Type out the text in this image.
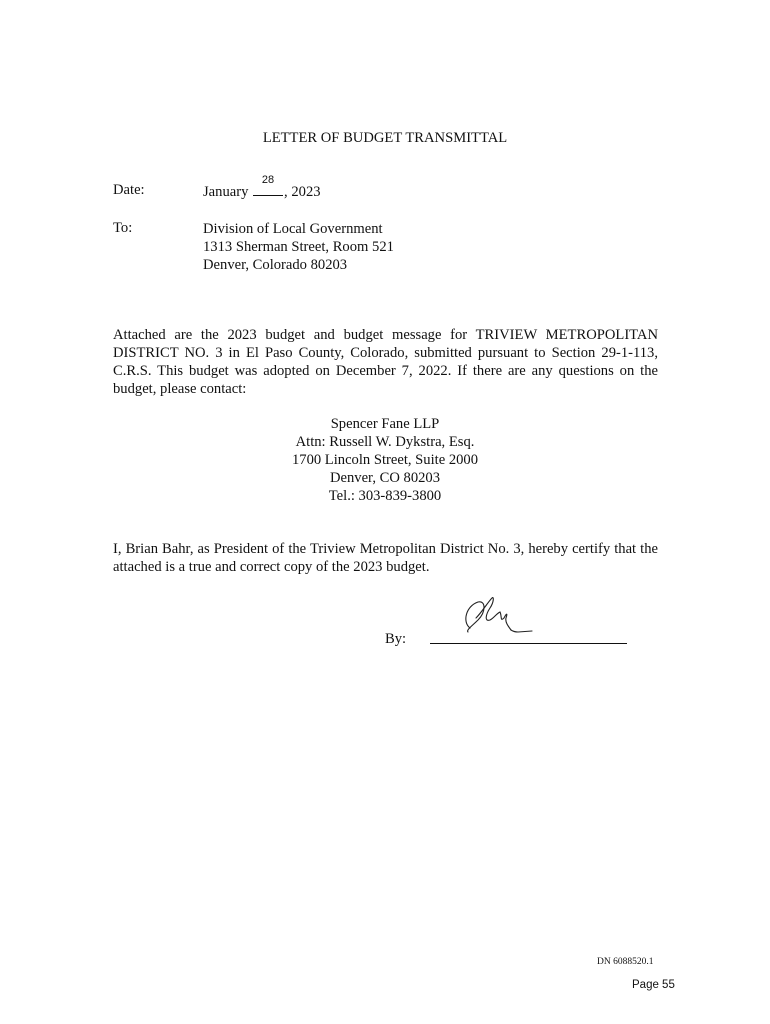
LETTER OF BUDGET TRANSMITTAL
Date:	January
28
, 2023
To:	Division of Local Government
1313 Sherman Street, Room 521
Denver, Colorado 80203
Attached are the 2023 budget and budget message for TRIVIEW METROPOLITAN DISTRICT NO. 3 in El Paso County, Colorado, submitted pursuant to Section 29-1-113, C.R.S. This budget was adopted on December 7, 2022. If there are any questions on the budget, please contact:
Spencer Fane LLP
Attn: Russell W. Dykstra, Esq.
1700 Lincoln Street, Suite 2000
Denver, CO 80203
Tel.: 303-839-3800
I, Brian Bahr, as President of the Triview Metropolitan District No. 3, hereby certify that the attached is a true and correct copy of the 2023 budget.
By:
DN 6088520.1
Page 55
